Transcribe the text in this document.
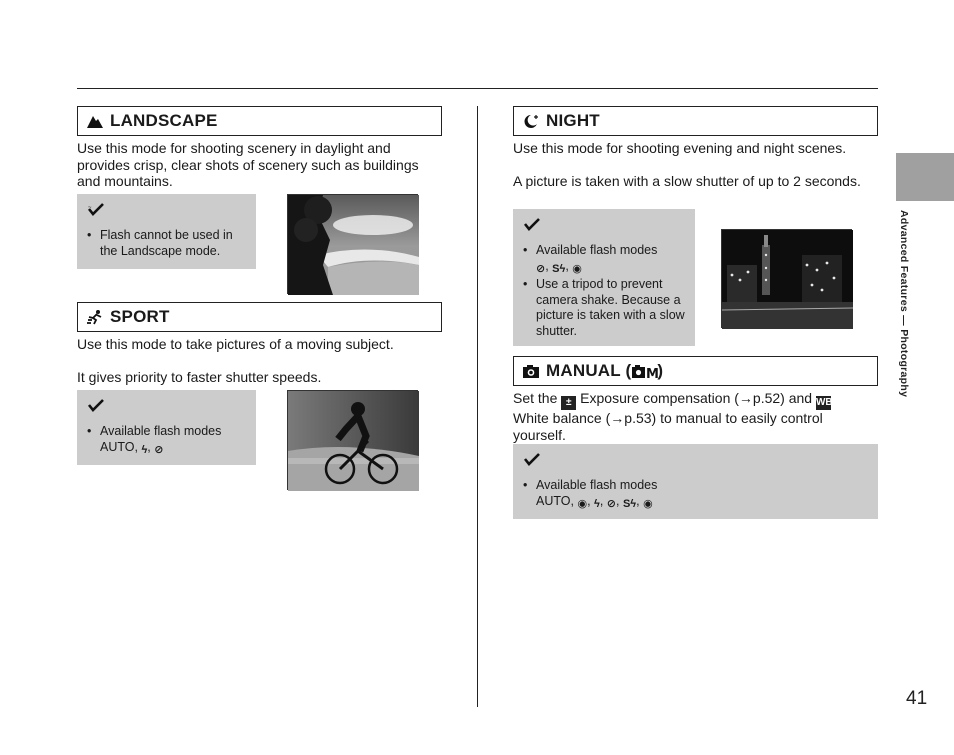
LANDSCAPE
Use this mode for shooting scenery in daylight and provides crisp, clear shots of scenery such as buildings and mountains.
~
• Flash cannot be used in the Landscape mode.
SPORT
Use this mode to take pictures of a moving subject.
It gives priority to faster shutter speeds.
• Available flash modes
AUTO, ϟ, ⊘
NIGHT
Use this mode for shooting evening and night scenes.
A picture is taken with a slow shutter of up to 2 seconds.
• Available flash modes
⊘, Sϟ, ◉
• Use a tripod to prevent camera shake. Because a picture is taken with a slow shutter.
MANUAL ( M
)
Set the ± Exposure compensation (→p.52) and WB White balance (→p.53) to manual to easily control yourself.
• Available flash modes
AUTO, ◉, ϟ, ⊘, Sϟ, ◉
Advanced Features — Photography
41
